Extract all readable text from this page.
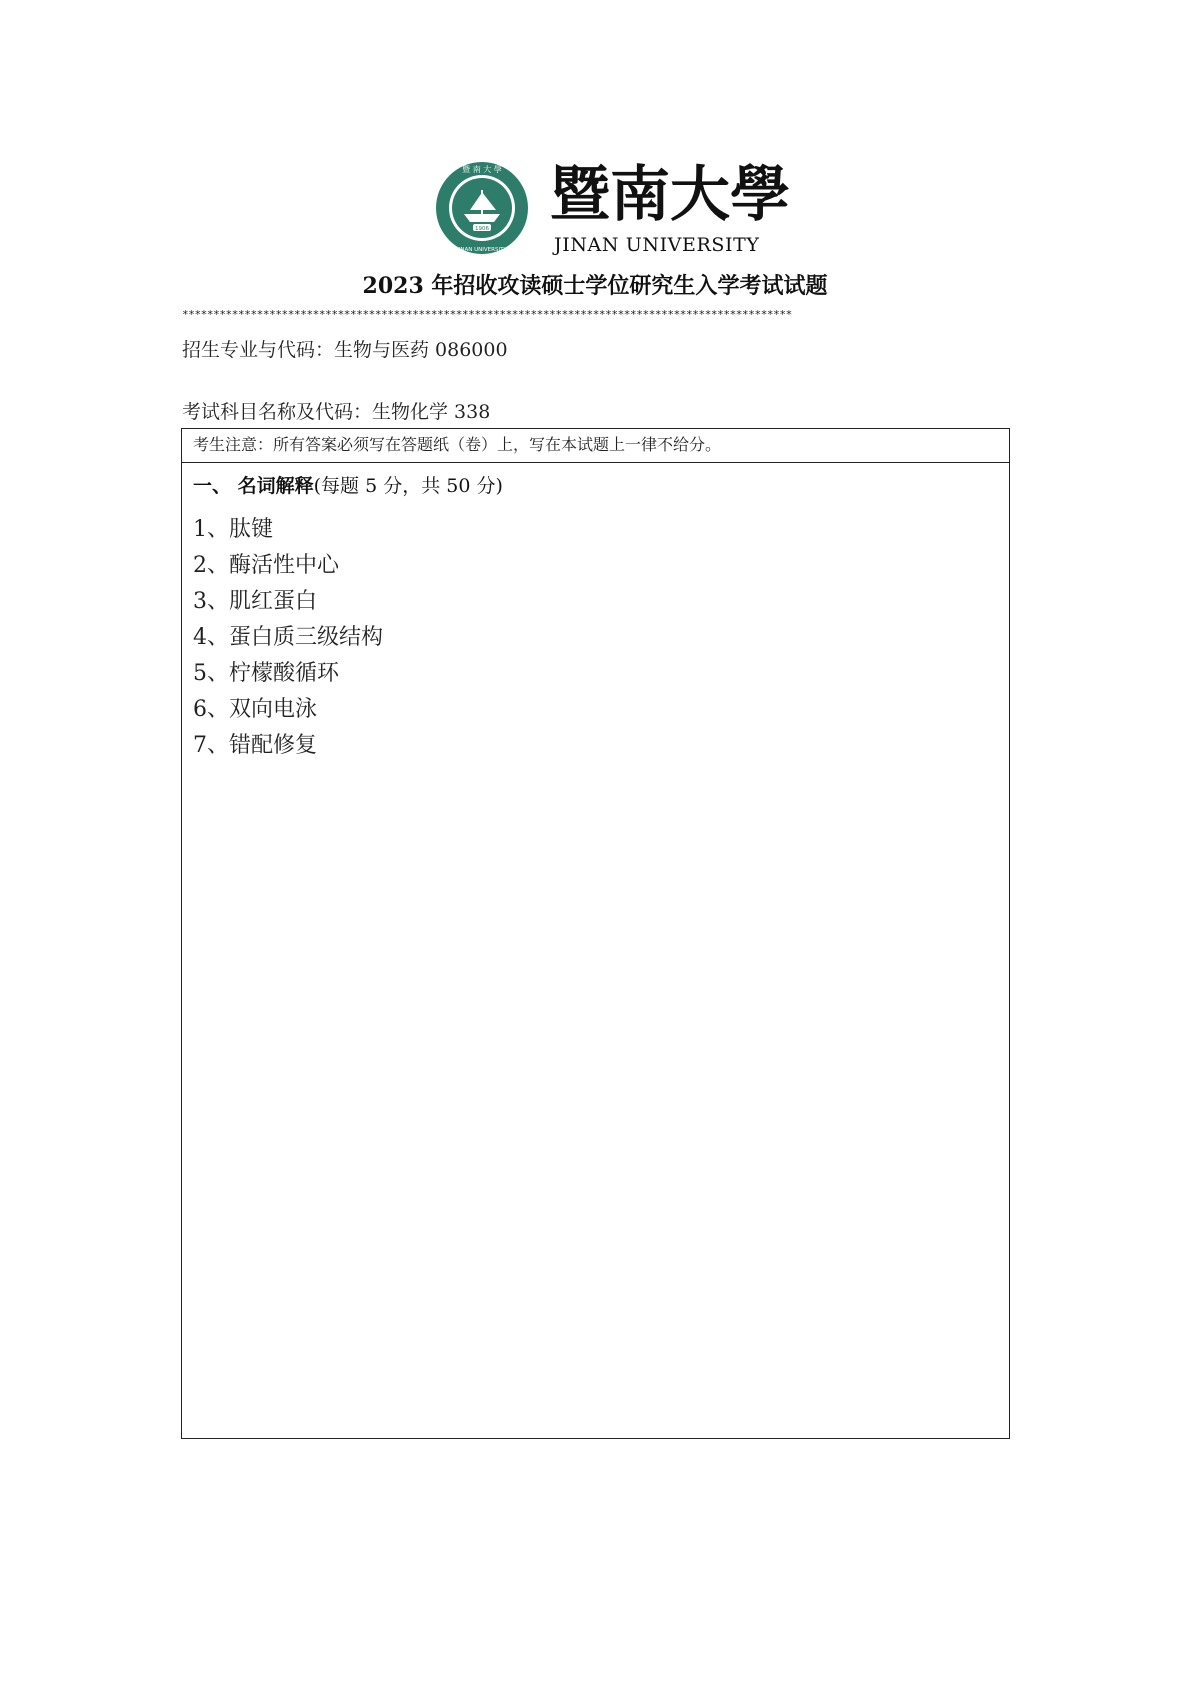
1906
暨 南 大 學
JINAN UNIVERSITY
暨南大學
JINAN UNIVERSITY
2023 年招收攻读硕士学位研究生入学考试试题
**************************************************************************************************
招生专业与代码：生物与医药 086000
考试科目名称及代码：生物化学 338
考生注意：所有答案必须写在答题纸（卷）上，写在本试题上一律不给分。
一、 名词解释(每题 5 分，共 50 分)
1、肽键
2、酶活性中心
3、肌红蛋白
4、蛋白质三级结构
5、柠檬酸循环
6、双向电泳
7、错配修复
